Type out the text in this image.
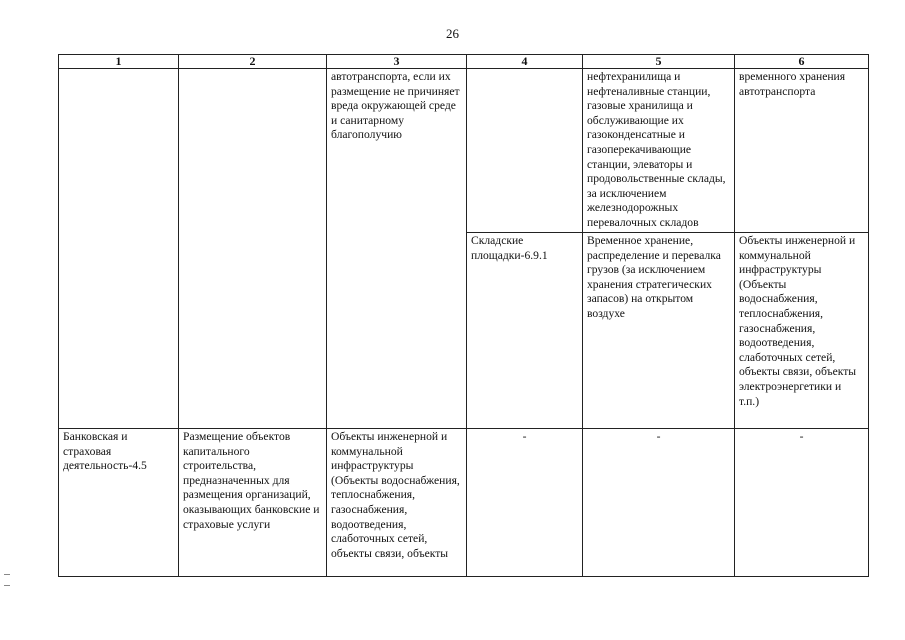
26
1	2	3	4	5	6
		автотранспорта, если их размещение не причиняет вреда окружающей среде и санитарному благополучию		нефтехранилища и нефтеналивные станции, газовые хранилища и обслуживающие их газоконденсатные и газоперекачивающие станции, элеваторы и продовольственные склады, за исключением железнодорожных перевалочных складов	временного хранения автотранспорта
			Складские площадки-6.9.1	Временное хранение, распределение и перевалка грузов (за исключением хранения стратегических запасов) на открытом воздухе	Объекты инженерной и коммунальной инфраструктуры (Объекты водоснабжения, теплоснабжения, газоснабжения, водоотведения, слаботочных сетей, объекты связи, объекты электроэнергетики и т.п.)
Банковская и страховая деятельность-4.5	Размещение объектов капитального строительства, предназначенных для размещения организаций, оказывающих банковские и страховые услуги	Объекты инженерной и коммунальной инфраструктуры (Объекты водоснабжения, теплоснабжения, газоснабжения, водоотведения, слаботочных сетей, объекты связи, объекты	-	-	-
